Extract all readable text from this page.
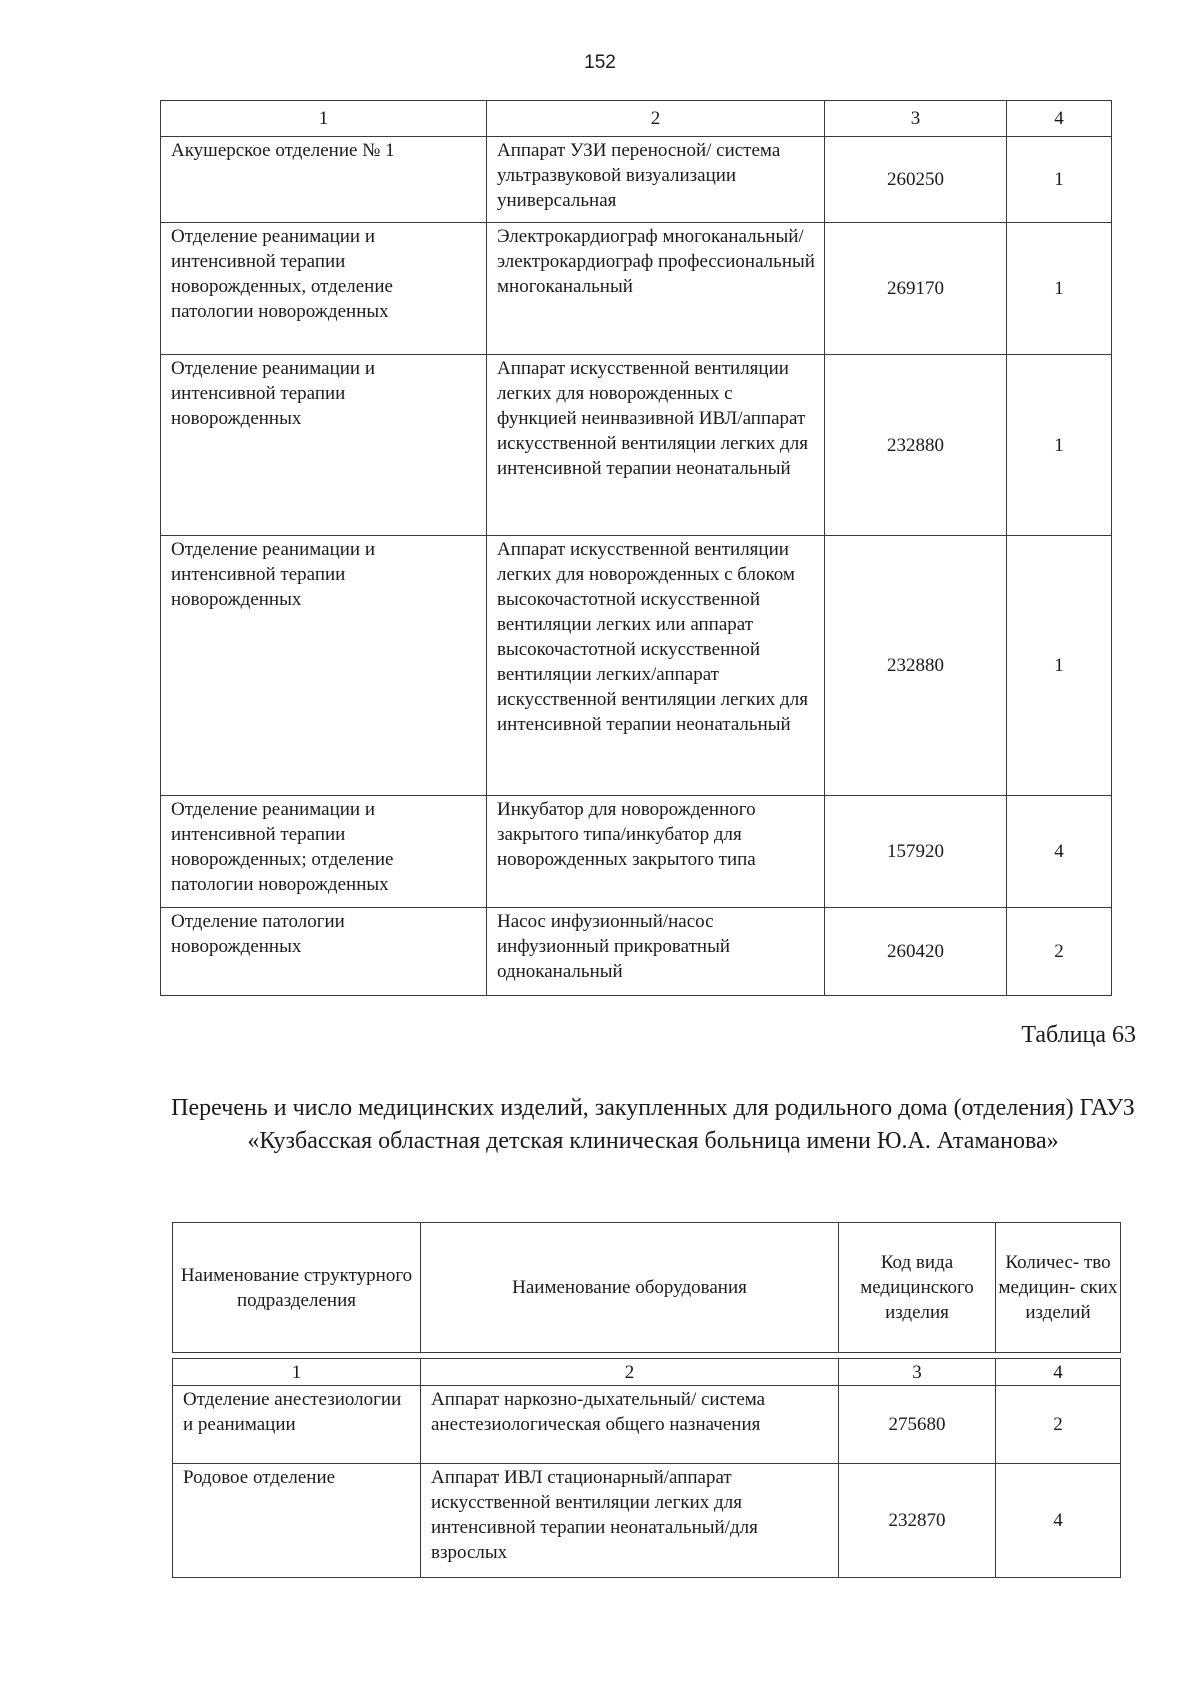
152
1	2	3	4
Акушерское отделение № 1	Аппарат УЗИ переносной/ система ультразвуковой визуализации универсальная	260250	1
Отделение реанимации и интенсивной терапии новорожденных, отделение патологии новорожденных	Электрокардиограф многоканальный/ электрокардиограф профессиональный многоканальный	269170	1
Отделение реанимации и интенсивной терапии новорожденных	Аппарат искусственной вентиляции легких для новорожденных с функцией неинвазивной ИВЛ/аппарат искусственной вентиляции легких для интенсивной терапии неонатальный	232880	1
Отделение реанимации и интенсивной терапии новорожденных	Аппарат искусственной вентиляции легких для новорожденных с блоком высокочастотной искусственной вентиляции легких или аппарат высокочастотной искусственной вентиляции легких/аппарат искусственной вентиляции легких для интенсивной терапии неонатальный	232880	1
Отделение реанимации и интенсивной терапии новорожденных; отделение патологии новорожденных	Инкубатор для новорожденного закрытого типа/инкубатор для новорожденных закрытого типа	157920	4
Отделение патологии новорожденных	Насос инфузионный/насос инфузионный прикроватный одноканальный	260420	2
Таблица 63
Перечень и число медицинских изделий, закупленных для родильного дома (отделения) ГАУЗ «Кузбасская областная детская клиническая больница имени Ю.А. Атаманова»
Наименование структурного подразделения	Наименование оборудования	Код вида медицинского изделия	Количес- тво медицин- ских изделий
1	2	3	4
Отделение анестезиологии и реанимации	Аппарат наркозно-дыхательный/ система анестезиологическая общего назначения	275680	2
Родовое отделение	Аппарат ИВЛ стационарный/аппарат искусственной вентиляции легких для интенсивной терапии неонатальный/для взрослых	232870	4
